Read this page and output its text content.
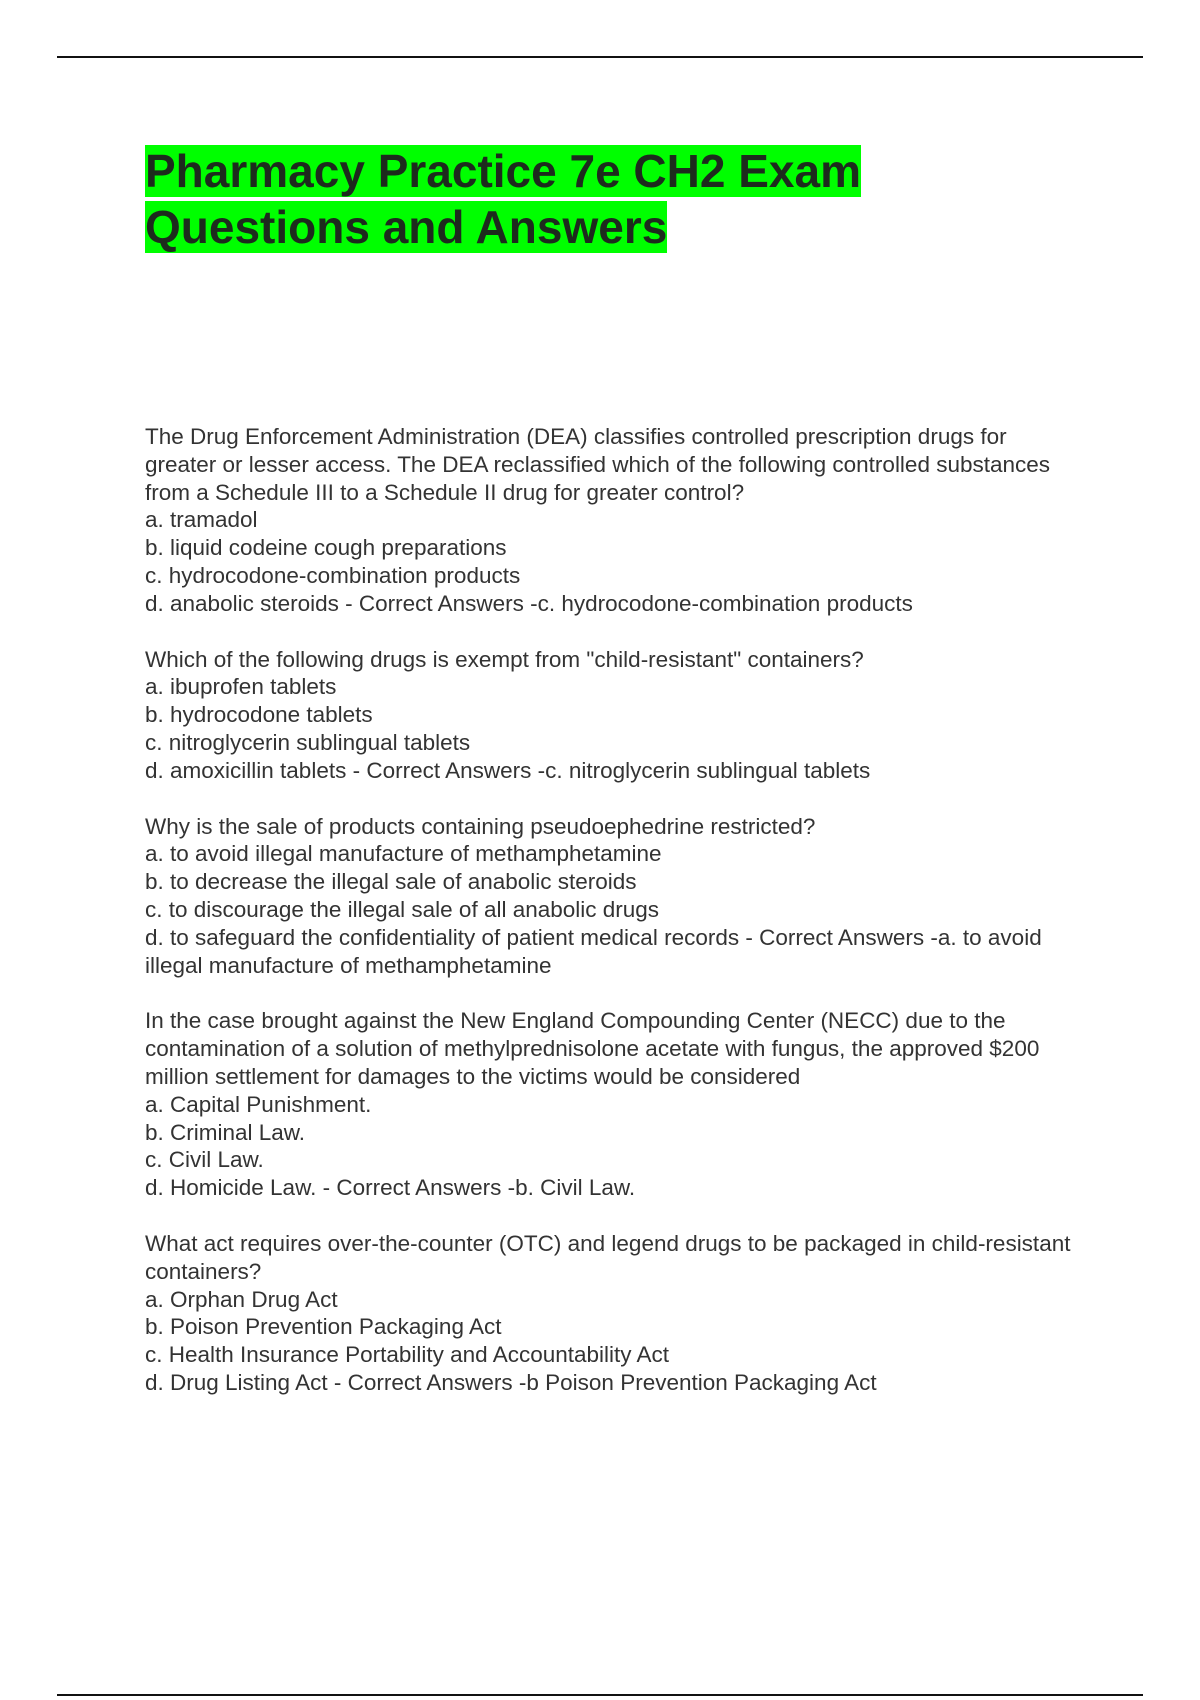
Pharmacy Practice 7e CH2 Exam Questions and Answers

The Drug Enforcement Administration (DEA) classifies controlled prescription drugs for greater or lesser access. The DEA reclassified which of the following controlled substances from a Schedule III to a Schedule II drug for greater control?

a. tramadol

b. liquid codeine cough preparations

c. hydrocodone-combination products

d. anabolic steroids - Correct Answers -c. hydrocodone-combination products

Which of the following drugs is exempt from "child-resistant" containers?

a. ibuprofen tablets

b. hydrocodone tablets

c. nitroglycerin sublingual tablets

d. amoxicillin tablets - Correct Answers -c. nitroglycerin sublingual tablets

Why is the sale of products containing pseudoephedrine restricted?

a. to avoid illegal manufacture of methamphetamine

b. to decrease the illegal sale of anabolic steroids

c. to discourage the illegal sale of all anabolic drugs

d. to safeguard the confidentiality of patient medical records - Correct Answers -a. to avoid illegal manufacture of methamphetamine

In the case brought against the New England Compounding Center (NECC) due to the contamination of a solution of methylprednisolone acetate with fungus, the approved $200 million settlement for damages to the victims would be considered

a. Capital Punishment.

b. Criminal Law.

c. Civil Law.

d. Homicide Law. - Correct Answers -b. Civil Law.

What act requires over-the-counter (OTC) and legend drugs to be packaged in child-resistant containers?

a. Orphan Drug Act

b. Poison Prevention Packaging Act

c. Health Insurance Portability and Accountability Act

d. Drug Listing Act - Correct Answers -b Poison Prevention Packaging Act
